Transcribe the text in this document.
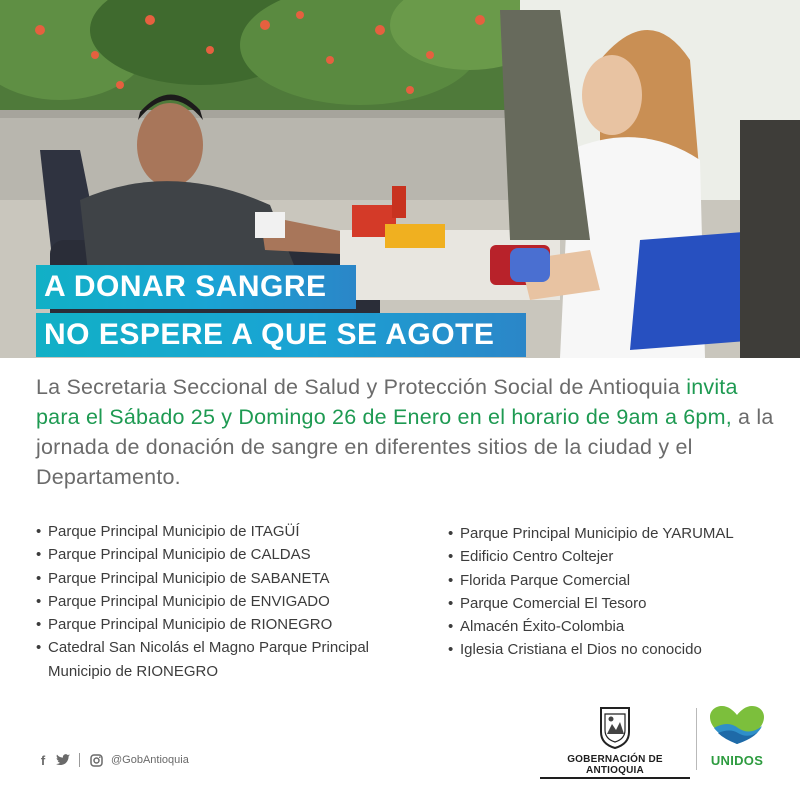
A DONAR SANGRE
NO ESPERE A QUE SE AGOTE

La Secretaria Seccional de Salud y Protección Social de Antioquia invita para el Sábado 25 y Domingo 26 de Enero en el horario de 9am a 6pm, a la jornada de donación de sangre en diferentes sitios de la ciudad y el Departamento.

• Parque Principal Municipio de ITAGÜÍ
• Parque Principal Municipio de CALDAS
• Parque Principal Municipio de SABANETA
• Parque Principal Municipio de ENVIGADO
• Parque Principal Municipio de RIONEGRO
• Catedral San Nicolás el Magno Parque Principal Municipio de RIONEGRO
• Parque Principal Municipio de YARUMAL
• Edificio Centro Coltejer
• Florida Parque Comercial
• Parque Comercial El Tesoro
• Almacén Éxito-Colombia
• Iglesia Cristiana el Dios no conocido
f	@GobAntioquia	GOBERNACIÓN DE ANTIOQUIA
UNIDOS
